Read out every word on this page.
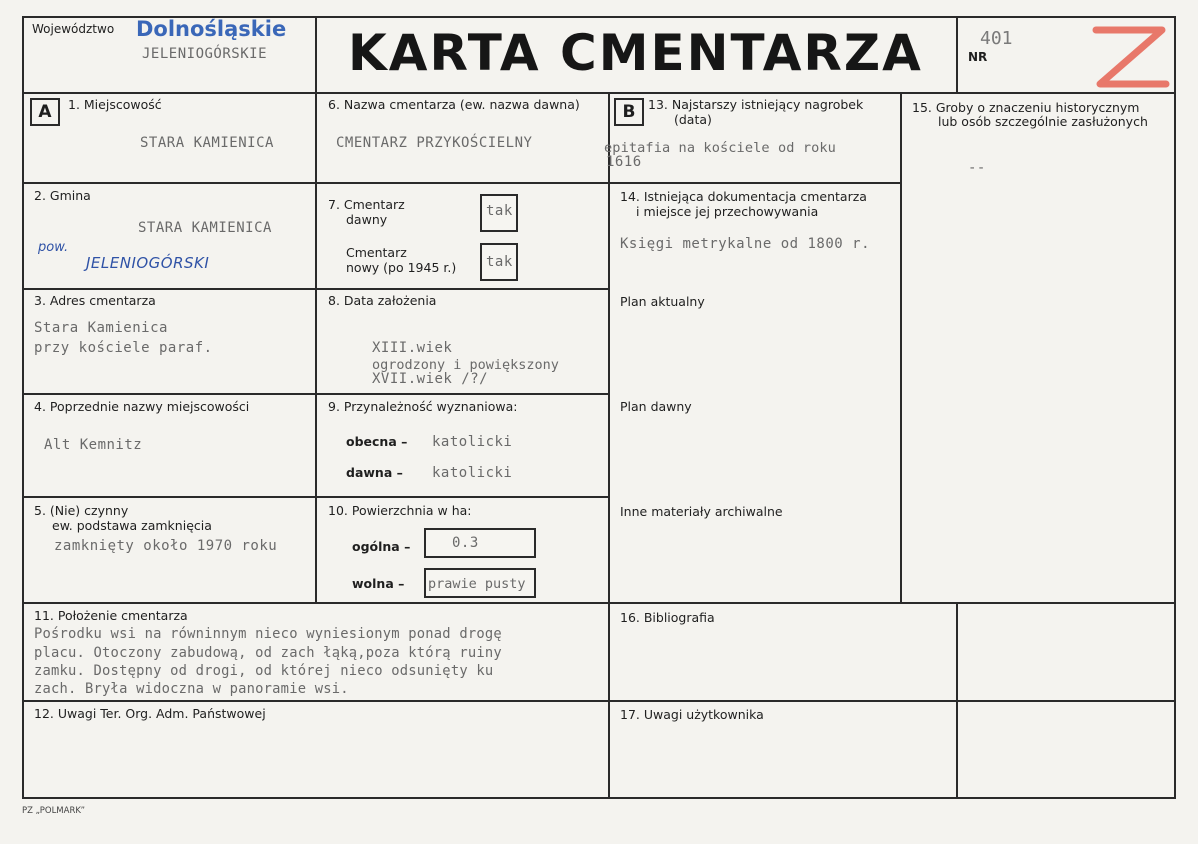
Województwo Dolnośląskie
JELENIOGÓRSKIE KARTA CMENTARZA	NR
401
A	B
1. Miejscowość
STARA KAMIENICA
2. Gmina
STARA KAMIENICA
pow.
JELENIOGÓRSKI
3. Adres cmentarza
Stara Kamienica
przy kościele paraf.
4. Poprzednie nazwy miejscowości
Alt Kemnitz
5. (Nie) czynny
ew. podstawa zamknięcia
zamknięty około 1970 roku
6. Nazwa cmentarza (ew. nazwa dawna)
CMENTARZ PRZYKOŚCIELNY
7. Cmentarz
dawny
tak
Cmentarz
nowy (po 1945 r.) tak
8. Data założenia
XIII.wiek
ogrodzony i powiększony
XVII.wiek /?/
9. Przynależność wyznaniowa:
obecna – katolicki
dawna – katolicki
10. Powierzchnia w ha:
ogólna –	0.3
wolna – prawie pusty
11. Położenie cmentarza
Pośrodku wsi na równinnym nieco wyniesionym ponad drogę
placu. Otoczony zabudową, od zach łąką,poza którą ruiny
zamku. Dostępny od drogi, od której nieco odsunięty ku
zach. Bryła widoczna w panoramie wsi.
12. Uwagi Ter. Org. Adm. Państwowej
13. Najstarszy istniejący nagrobek
(data)
epitafia na kościele od roku
1616
14. Istniejąca dokumentacja cmentarza
i miejsce jej przechowywania
Księgi metrykalne od 1800 r.
Plan aktualny
Plan dawny
Inne materiały archiwalne
15. Groby o znaczeniu historycznym
lub osób szczególnie zasłużonych
--
16. Bibliografia
17. Uwagi użytkownika
PZ „POLMARK”
